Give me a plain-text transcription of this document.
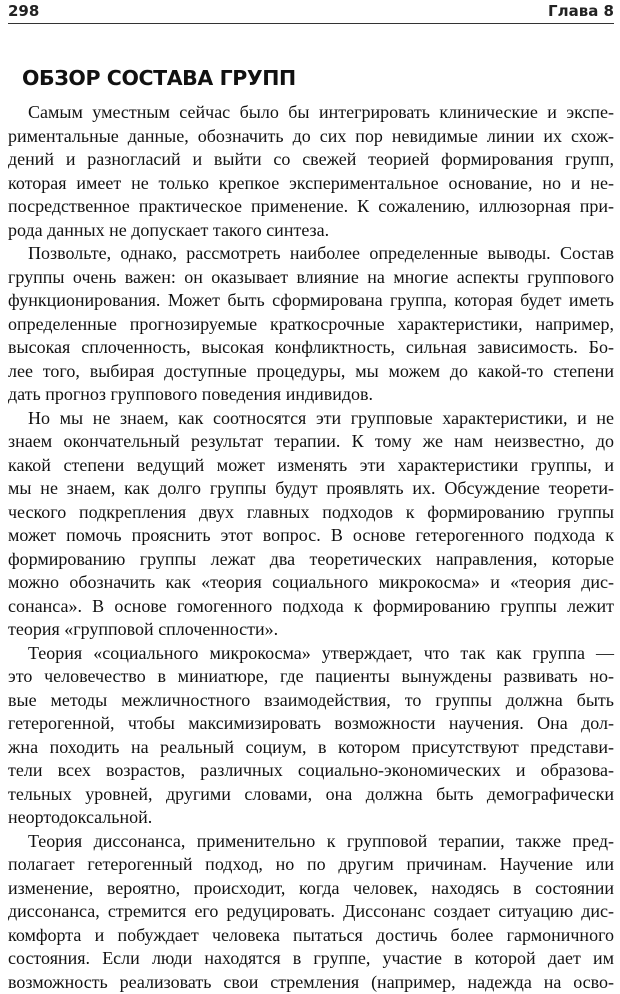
298	Глава 8
ОБЗОР СОСТАВА ГРУПП
Самым уместным сейчас было бы интегрировать клинические и экспе-
риментальные данные, обозначить до сих пор невидимые линии их схож-
дений и разногласий и выйти со свежей теорией формирования групп,
которая имеет не только крепкое экспериментальное основание, но и не-
посредственное практическое применение. К сожалению, иллюзорная при-
рода данных не допускает такого синтеза.
Позвольте, однако, рассмотреть наиболее определенные выводы. Состав
группы очень важен: он оказывает влияние на многие аспекты группового
функционирования. Может быть сформирована группа, которая будет иметь
определенные прогнозируемые краткосрочные характеристики, например,
высокая сплоченность, высокая конфликтность, сильная зависимость. Бо-
лее того, выбирая доступные процедуры, мы можем до какой-то степени
дать прогноз группового поведения индивидов.
Но мы не знаем, как соотносятся эти групповые характеристики, и не
знаем окончательный результат терапии. К тому же нам неизвестно, до
какой степени ведущий может изменять эти характеристики группы, и
мы не знаем, как долго группы будут проявлять их. Обсуждение теорети-
ческого подкрепления двух главных подходов к формированию группы
может помочь прояснить этот вопрос. В основе гетерогенного подхода к
формированию группы лежат два теоретических направления, которые
можно обозначить как «теория социального микрокосма» и «теория дис-
сонанса». В основе гомогенного подхода к формированию группы лежит
теория «групповой сплоченности».
Теория «социального микрокосма» утверждает, что так как группа —
это человечество в миниатюре, где пациенты вынуждены развивать но-
вые методы межличностного взаимодействия, то группы должна быть
гетерогенной, чтобы максимизировать возможности научения. Она дол-
жна походить на реальный социум, в котором присутствуют представи-
тели всех возрастов, различных социально-экономических и образова-
тельных уровней, другими словами, она должна быть демографически
неортодоксальной.
Теория диссонанса, применительно к групповой терапии, также пред-
полагает гетерогенный подход, но по другим причинам. Научение или
изменение, вероятно, происходит, когда человек, находясь в состоянии
диссонанса, стремится его редуцировать. Диссонанс создает ситуацию дис-
комфорта и побуждает человека пытаться достичь более гармоничного
состояния. Если люди находятся в группе, участие в которой дает им
возможность реализовать свои стремления (например, надежда на осво-
